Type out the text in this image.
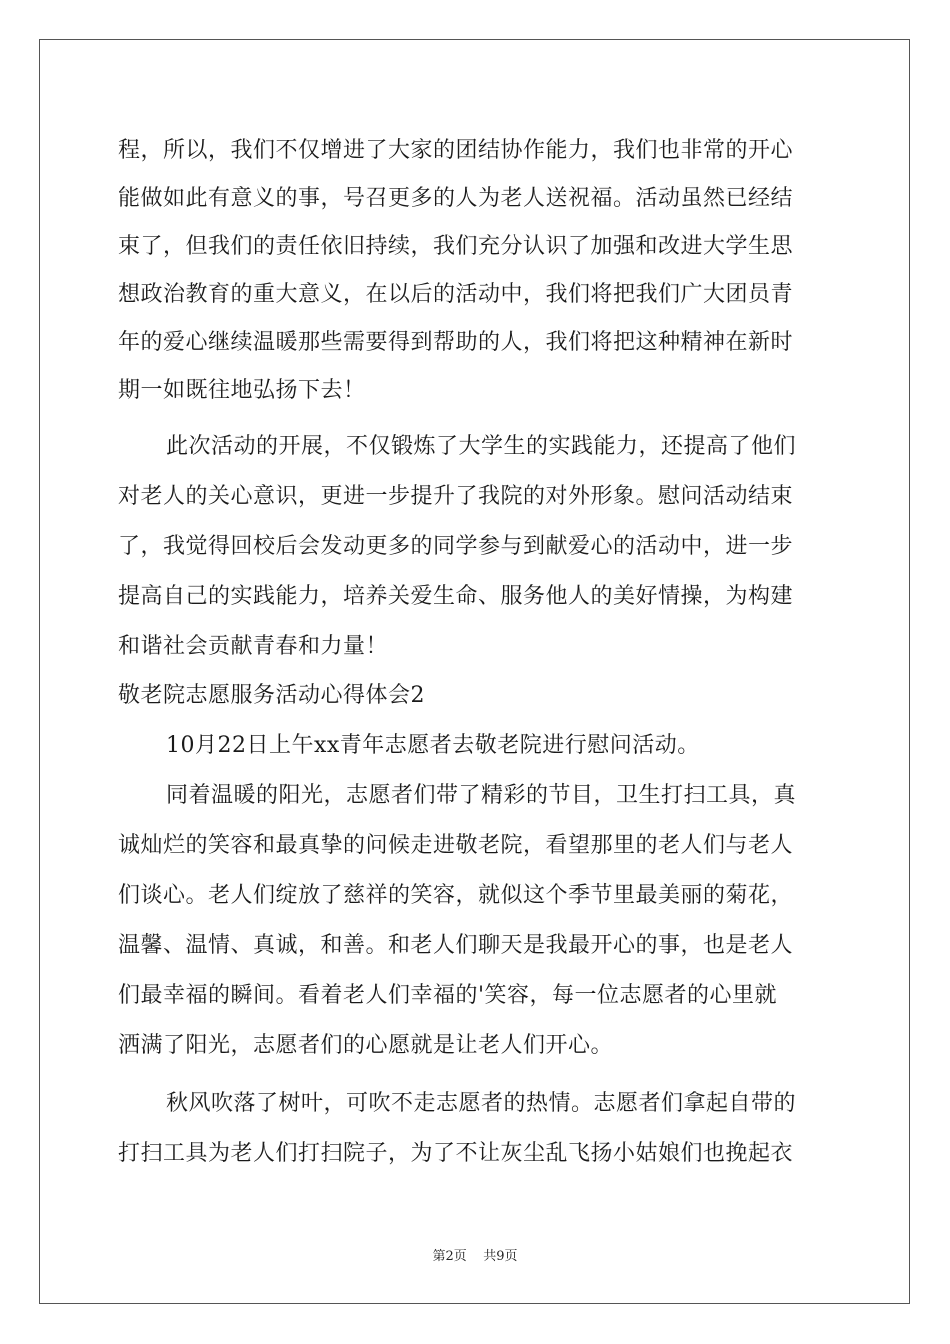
程，所以，我们不仅增进了大家的团结协作能力，我们也非常的开心
能做如此有意义的事，号召更多的人为老人送祝福。活动虽然已经结
束了，但我们的责任依旧持续，我们充分认识了加强和改进大学生思
想政治教育的重大意义，在以后的活动中，我们将把我们广大团员青
年的爱心继续温暖那些需要得到帮助的人，我们将把这种精神在新时
期一如既往地弘扬下去！
此次活动的开展，不仅锻炼了大学生的实践能力，还提高了他们
对老人的关心意识，更进一步提升了我院的对外形象。慰问活动结束
了，我觉得回校后会发动更多的同学参与到献爱心的活动中，进一步
提高自己的实践能力，培养关爱生命、服务他人的美好情操，为构建
和谐社会贡献青春和力量！
敬老院志愿服务活动心得体会2
10月22日上午xx青年志愿者去敬老院进行慰问活动。
同着温暖的阳光，志愿者们带了精彩的节目，卫生打扫工具，真
诚灿烂的笑容和最真挚的问候走进敬老院，看望那里的老人们与老人
们谈心。老人们绽放了慈祥的笑容，就似这个季节里最美丽的菊花，
温馨、温情、真诚，和善。和老人们聊天是我最开心的事，也是老人
们最幸福的瞬间。看着老人们幸福的'笑容，每一位志愿者的心里就
洒满了阳光，志愿者们的心愿就是让老人们开心。
秋风吹落了树叶，可吹不走志愿者的热情。志愿者们拿起自带的
打扫工具为老人们打扫院子，为了不让灰尘乱飞扬小姑娘们也挽起衣
第2页 共9页
